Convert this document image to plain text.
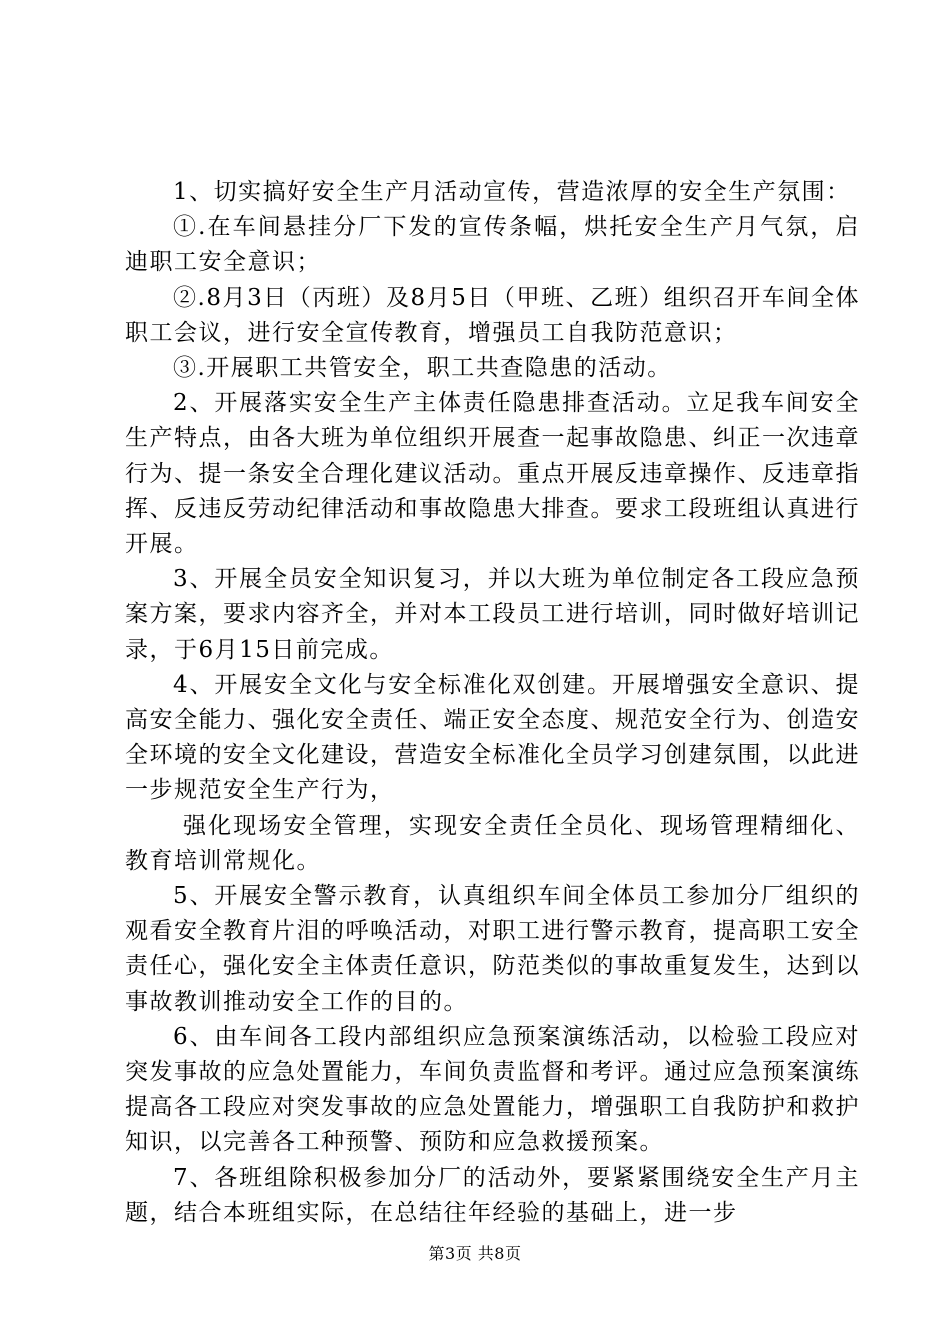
1、切实搞好安全生产月活动宣传，营造浓厚的安全生产氛围：

①.在车间悬挂分厂下发的宣传条幅，烘托安全生产月气氛，启迪职工安全意识；

②.8月3日（丙班）及8月5日（甲班、乙班）组织召开车间全体职工会议，进行安全宣传教育，增强员工自我防范意识；

③.开展职工共管安全，职工共查隐患的活动。

2、开展落实安全生产主体责任隐患排查活动。立足我车间安全生产特点，由各大班为单位组织开展查一起事故隐患、纠正一次违章行为、提一条安全合理化建议活动。重点开展反违章操作、反违章指挥、反违反劳动纪律活动和事故隐患大排查。要求工段班组认真进行开展。

3、开展全员安全知识复习，并以大班为单位制定各工段应急预案方案，要求内容齐全，并对本工段员工进行培训，同时做好培训记录，于6月15日前完成。

4、开展安全文化与安全标准化双创建。开展增强安全意识、提高安全能力、强化安全责任、端正安全态度、规范安全行为、创造安全环境的安全文化建设，营造安全标准化全员学习创建氛围，以此进一步规范安全生产行为，

强化现场安全管理，实现安全责任全员化、现场管理精细化、教育培训常规化。

5、开展安全警示教育，认真组织车间全体员工参加分厂组织的观看安全教育片泪的呼唤活动，对职工进行警示教育，提高职工安全责任心，强化安全主体责任意识，防范类似的事故重复发生，达到以事故教训推动安全工作的目的。

6、由车间各工段内部组织应急预案演练活动，以检验工段应对突发事故的应急处置能力，车间负责监督和考评。通过应急预案演练提高各工段应对突发事故的应急处置能力，增强职工自我防护和救护知识，以完善各工种预警、预防和应急救援预案。

7、各班组除积极参加分厂的活动外，要紧紧围绕安全生产月主题，结合本班组实际，在总结往年经验的基础上，进一步

第3页 共8页
